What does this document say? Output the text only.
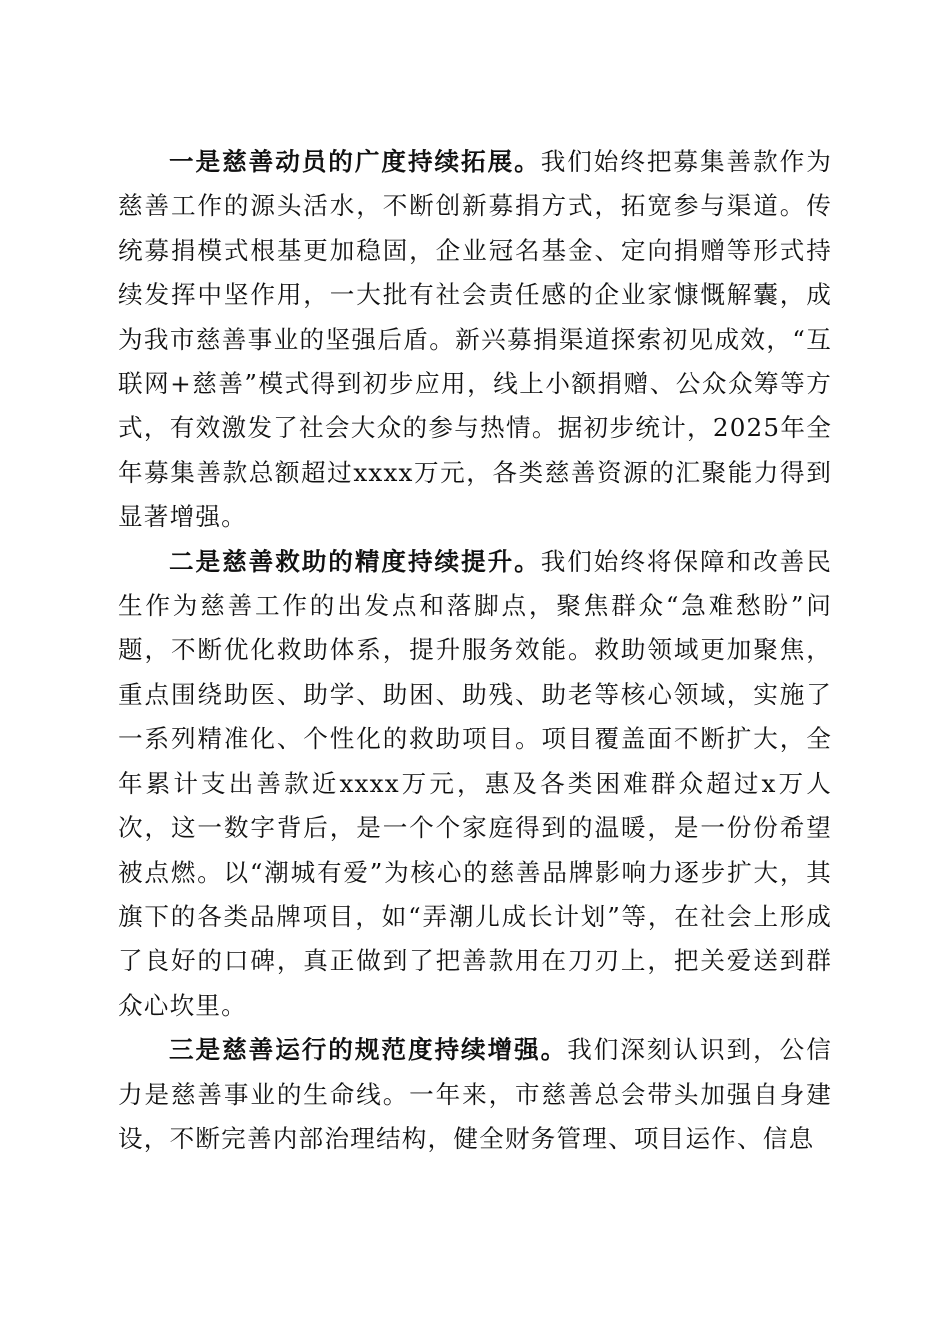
一是慈善动员的广度持续拓展。我们始终把募集善款作为慈善工作的源头活水，不断创新募捐方式，拓宽参与渠道。传统募捐模式根基更加稳固，企业冠名基金、定向捐赠等形式持续发挥中坚作用，一大批有社会责任感的企业家慷慨解囊，成为我市慈善事业的坚强后盾。新兴募捐渠道探索初见成效，“互联网+慈善”模式得到初步应用，线上小额捐赠、公众众筹等方式，有效激发了社会大众的参与热情。据初步统计，2025年全年募集善款总额超过xxxx万元，各类慈善资源的汇聚能力得到显著增强。

二是慈善救助的精度持续提升。我们始终将保障和改善民生作为慈善工作的出发点和落脚点，聚焦群众“急难愁盼”问题，不断优化救助体系，提升服务效能。救助领域更加聚焦，重点围绕助医、助学、助困、助残、助老等核心领域，实施了一系列精准化、个性化的救助项目。项目覆盖面不断扩大，全年累计支出善款近xxxx万元，惠及各类困难群众超过x万人次，这一数字背后，是一个个家庭得到的温暖，是一份份希望被点燃。以“潮城有爱”为核心的慈善品牌影响力逐步扩大，其旗下的各类品牌项目，如“弄潮儿成长计划”等，在社会上形成了良好的口碑，真正做到了把善款用在刀刃上，把关爱送到群众心坎里。

三是慈善运行的规范度持续增强。我们深刻认识到，公信力是慈善事业的生命线。一年来，市慈善总会带头加强自身建设，不断完善内部治理结构，健全财务管理、项目运作、信息
